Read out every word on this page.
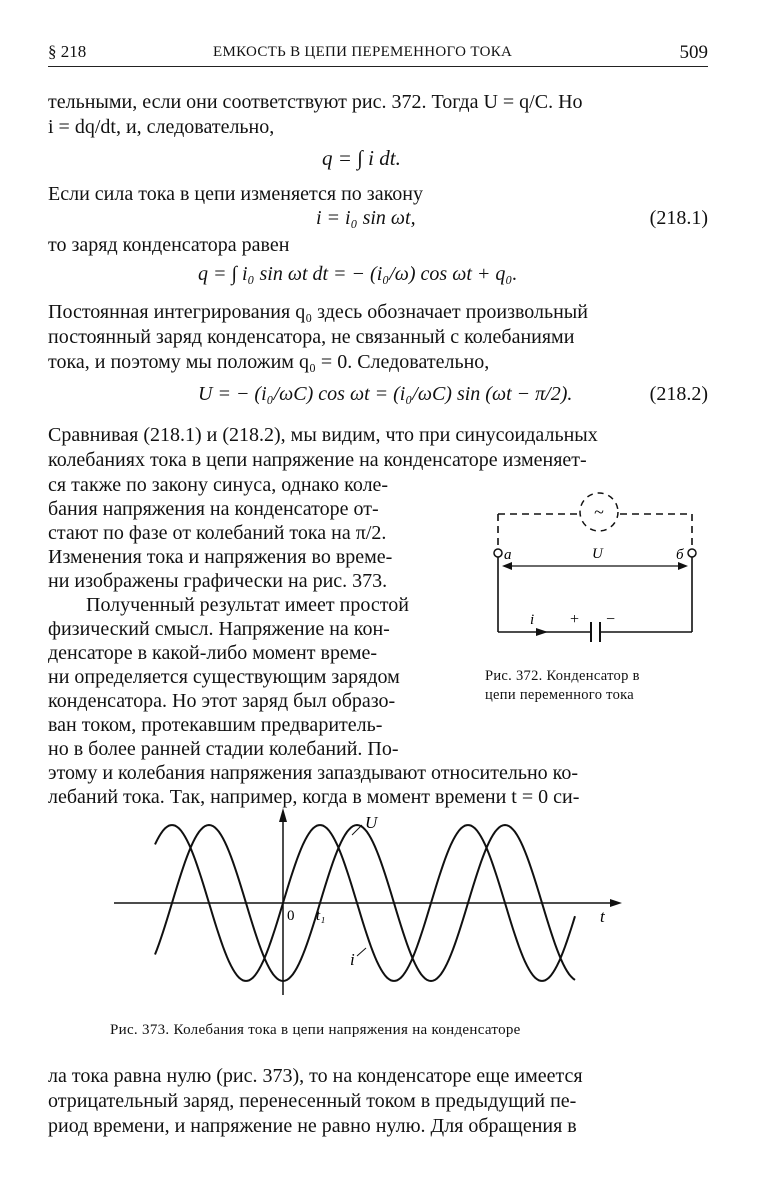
§ 218	ЕМКОСТЬ В ЦЕПИ ПЕРЕМЕННОГО ТОКА	509
тельными, если они соответствуют рис. 372. Тогда U = q/C. Но
i = dq/dt, и, следовательно,
q = ∫ i dt.
Если сила тока в цепи изменяется по закону
i = i₀ sin ωt,	(218.1)
то заряд конденсатора равен
q = ∫ i₀ sin ωt dt = − (i₀/ω) cos ωt + q₀.
Постоянная интегрирования q₀ здесь обозначает произвольный
постоянный заряд конденсатора, не связанный с колебаниями
тока, и поэтому мы положим q₀ = 0. Следовательно,
U = − (i₀/ωC) cos ωt = (i₀/ωC) sin (ωt − π/2).	(218.2)
Сравнивая (218.1) и (218.2), мы видим, что при синусоидальных
колебаниях тока в цепи напряжение на конденсаторе изменяет-
ся также по закону синуса, однако коле-
бания напряжения на конденсаторе от-
стают по фазе от колебаний тока на π/2.
Изменения тока и напряжения во време-
ни изображены графически на рис. 373.
Полученный результат имеет простой
физический смысл. Напряжение на кон-
денсаторе в какой-либо момент време-
ни определяется существующим зарядом
конденсатора. Но этот заряд был образо-
ван током, протекавшим предваритель-
но в более ранней стадии колебаний. По-
этому и колебания напряжения запаздывают относительно ко-
лебаний тока. Так, например, когда в момент времени t = 0 си-
~
а	б
U
+ −
i
Рис. 372. Конденсатор в
цепи переменного тока
U
i
t
0 t₁
Рис. 373. Колебания тока в цепи напряжения на конденсаторе
ла тока равна нулю (рис. 373), то на конденсаторе еще имеется
отрицательный заряд, перенесенный током в предыдущий пе-
риод времени, и напряжение не равно нулю. Для обращения в
